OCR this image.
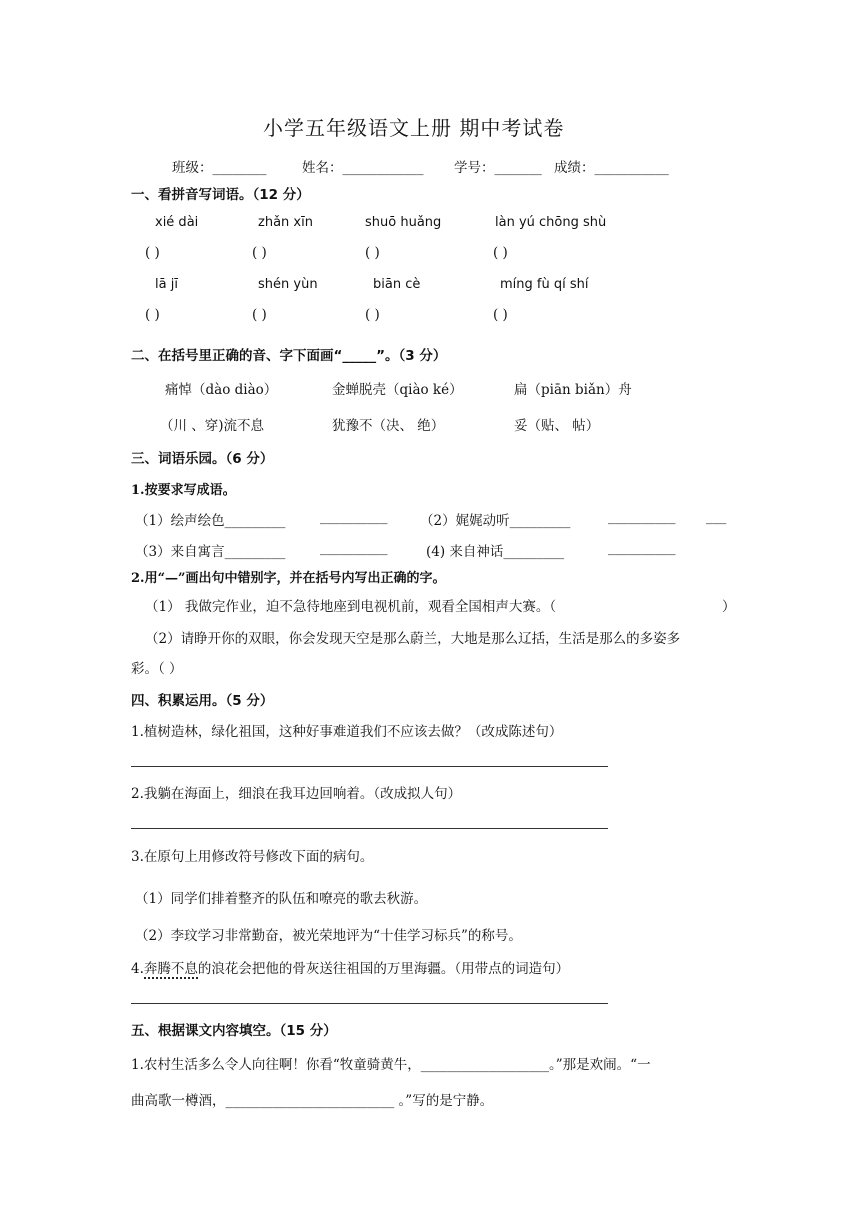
小学五年级语文上册 期中考试卷
班级：________	姓名：____________ 学号：_______ 成绩：___________
一、看拼音写词语。（12 分）
xié dài	zhǎn xīn	shuō huǎng	làn yú chōng shù
( )	( )	( )	( )
lā jī	shén yùn	biān cè	míng fù qí shí
( )	( )	( )	( )
二、在括号里正确的音、字下面画“_____”。（3 分）
痛悼（dào diào）	金蝉脱壳（qiào ké）	扁（piān biǎn）舟
（川 、穿)流不息	犹豫不（决、 绝）	妥（贴、 帖）
三、词语乐园。（6 分）
1.按要求写成语。
（1）绘声绘色_________	__________ （2）娓娓动听_________	__________ ___
（3）来自寓言_________	__________	(4) 来自神话_________	__________
2.用“—”画出句中错别字，并在括号内写出正确的字。
（1） 我做完作业，迫不急待地座到电视机前，观看全国相声大赛。（	）
（2）请睁开你的双眼，你会发现天空是那么蔚兰，大地是那么辽括，生活是那么的多姿多
彩。（ ）
四、积累运用。（5 分）
1.植树造林，绿化祖国，这种好事难道我们不应该去做？（改成陈述句）
2.我躺在海面上，细浪在我耳边回响着。（改成拟人句）
3.在原句上用修改符号修改下面的病句。
（1）同学们排着整齐的队伍和嘹亮的歌去秋游。
（2）李玟学习非常勤奋，被光荣地评为“十佳学习标兵”的称号。
4.奔腾不息的浪花会把他的骨灰送往祖国的万里海疆。（用带点的词造句）
五、根据课文内容填空。（15 分）
1.农村生活多么令人向往啊！你看“牧童骑黄牛，___________________。”那是欢闹。“一
曲高歌一樽酒，_________________________ 。”写的是宁静。
